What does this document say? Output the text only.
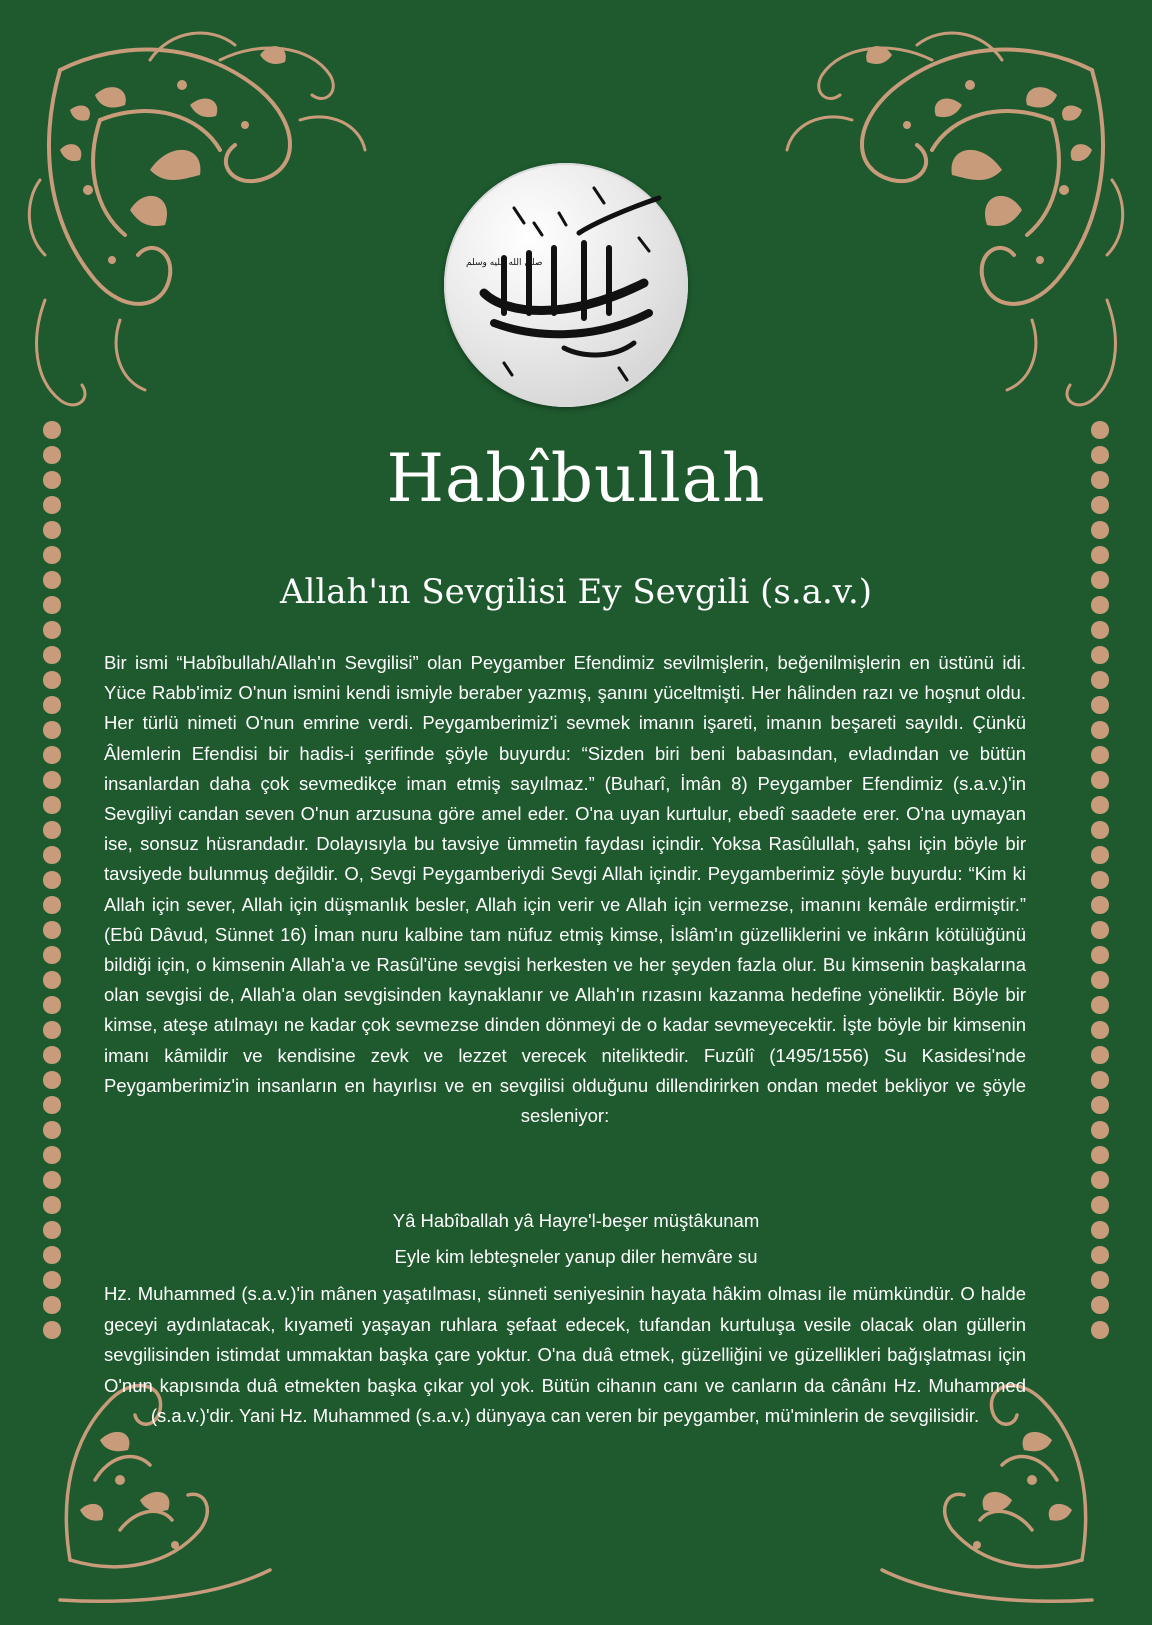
صلى الله عليه وسلم
Habîbullah
Allah'ın Sevgilisi Ey Sevgili (s.a.v.)

Bir ismi “Habîbullah/Allah'ın Sevgilisi” olan Peygamber Efendimiz sevilmişlerin, beğenilmişlerin en üstünü idi. Yüce Rabb'imiz O'nun ismini kendi ismiyle beraber yazmış, şanını yüceltmişti. Her hâlinden razı ve hoşnut oldu. Her türlü nimeti O'nun emrine verdi. Peygamberimiz'i sevmek imanın işareti, imanın beşareti sayıldı. Çünkü Âlemlerin Efendisi bir hadis-i şerifinde şöyle buyurdu: “Sizden biri beni babasından, evladından ve bütün insanlardan daha çok sevmedikçe iman etmiş sayılmaz.” (Buharî, İmân 8) Peygamber Efendimiz (s.a.v.)'in Sevgiliyi candan seven O'nun arzusuna göre amel eder. O'na uyan kurtulur, ebedî saadete erer. O'na uymayan ise, sonsuz hüsrandadır. Dolayısıyla bu tavsiye ümmetin faydası içindir. Yoksa Rasûlullah, şahsı için böyle bir tavsiyede bulunmuş değildir. O, Sevgi Peygamberiydi Sevgi Allah içindir. Peygamberimiz şöyle buyurdu: “Kim ki Allah için sever, Allah için düşmanlık besler, Allah için verir ve Allah için vermezse, imanını kemâle erdirmiştir.” (Ebû Dâvud, Sünnet 16) İman nuru kalbine tam nüfuz etmiş kimse, İslâm'ın güzelliklerini ve inkârın kötülüğünü bildiği için, o kimsenin Allah'a ve Rasûl'üne sevgisi herkesten ve her şeyden fazla olur. Bu kimsenin başkalarına olan sevgisi de, Allah'a olan sevgisinden kaynaklanır ve Allah'ın rızasını kazanma hedefine yöneliktir. Böyle bir kimse, ateşe atılmayı ne kadar çok sevmezse dinden dönmeyi de o kadar sevmeyecektir. İşte böyle bir kimsenin imanı kâmildir ve kendisine zevk ve lezzet verecek niteliktedir. Fuzûlî (1495/1556) Su Kasidesi'nde Peygamberimiz'in insanların en hayırlısı ve en sevgilisi olduğunu dillendirirken ondan medet bekliyor ve şöyle sesleniyor:

Yâ Habîballah yâ Hayre'l-beşer müştâkunam

Eyle kim lebteşneler yanup diler hemvâre su

Hz. Muhammed (s.a.v.)'in mânen yaşatılması, sünneti seniyesinin hayata hâkim olması ile mümkündür. O halde geceyi aydınlatacak, kıyameti yaşayan ruhlara şefaat edecek, tufandan kurtuluşa vesile olacak olan güllerin sevgilisinden istimdat ummaktan başka çare yoktur. O'na duâ etmek, güzelliğini ve güzellikleri bağışlatması için O'nun kapısında duâ etmekten başka çıkar yol yok. Bütün cihanın canı ve canların da cânânı Hz. Muhammed (s.a.v.)'dir. Yani Hz. Muhammed (s.a.v.) dünyaya can veren bir peygamber, mü'minlerin de sevgilisidir.
